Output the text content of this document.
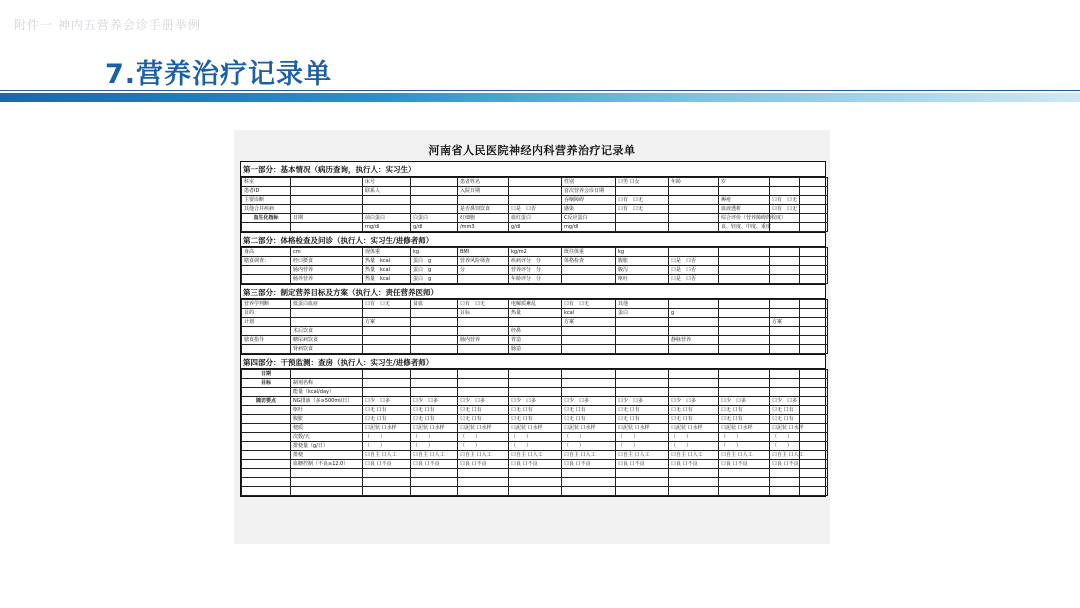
附件一 神内五营养会诊手册举例
7.营养治疗记录单
河南省人民医院神经内科营养治疗记录单
第一部分：基本情况（病历查询，执行人：实习生）
科室		床号		患者姓名		性别	口男 口女	年龄	岁		
患者ID		联系人		入院日期		首次营养会诊日期					
主要诊断						吞咽障碍	口有　口无		褥疮	口有　口无	
其他合并疾病				是否鼻饲饮食	口是　口否	感染	口有　口无		血液透析	口有　口无	
血生化指标	日期	前白蛋白	白蛋白	红细胞	血红蛋白	C反应蛋白			综合评价（营养障碍的程度）		
		mg/dl	g/dl	/mm3	g/dl	mg/dl			良、轻度、中度、重度		
第二部分：体格检查及问诊（执行人：实习生/进修者师）
身高	cm	现体重	kg	BMI	kg/m2	既往体重	kg				
膳食调查：	经口摄食	热量　kcal	蛋白　g	营养风险筛查	疾病评分　分	体格检查	腹胀	口是　口否			
	肠内营养	热量　kcal	蛋白　g	分	营养评分　分		腹泻	口是　口否			
	肠外营养	热量　kcal	蛋白　g		年龄评分　分		呕吐	口是　口否			
第三部分：制定营养目标及方案（执行人：责任营养医师）
营养学判断	低蛋白血症	口有　口无	贫血	口有　口无	电解质紊乱	口有　口无	其他				
目的				目标	热量	kcal	蛋白	g			
计划		方案				方案				方案	
	术后饮食				经鼻						
膳食指导	糖尿病饮食			肠内营养	胃造			静脉营养			
	肾病饮食				肠造						
第四部分：干预监测：查房（执行人：实习生/进修者师）
日期											
目标	制剂名称										
	能量（kcal/day）										
随访要点	NG排液（多≥500ml/日）	口少　口多	口少　口多	口少　口多	口少　口多	口少　口多	口少　口多	口少　口多	口少　口多	口少　口多	
	呕吐	口无 口有	口无 口有	口无 口有	口无 口有	口无 口有	口无 口有	口无 口有	口无 口有	口无 口有	
	腹胀	口无 口有	口无 口有	口无 口有	口无 口有	口无 口有	口无 口有	口无 口有	口无 口有	口无 口有	
	便质	口泥状 口水样	口泥状 口水样	口泥状 口水样	口泥状 口水样	口泥状 口水样	口泥状 口水样	口泥状 口水样	口泥状 口水样	口泥状 口水样	
	次数/天	（　　）	（　　）	（　　）	（　　）	（　　）	（　　）	（　　）	（　　）	（　　）	
	排便量（g/日）	（　　）	（　　）	（　　）	（　　）	（　　）	（　　）	（　　）	（　　）	（　　）	
	排便	口自主 口人工	口自主 口人工	口自主 口人工	口自主 口人工	口自主 口人工	口自主 口人工	口自主 口人工	口自主 口人工	口自主 口人工	
	血糖控制（不良≥12.0）	口良 口不良	口良 口不良	口良 口不良	口良 口不良	口良 口不良	口良 口不良	口良 口不良	口良 口不良	口良 口不良	
